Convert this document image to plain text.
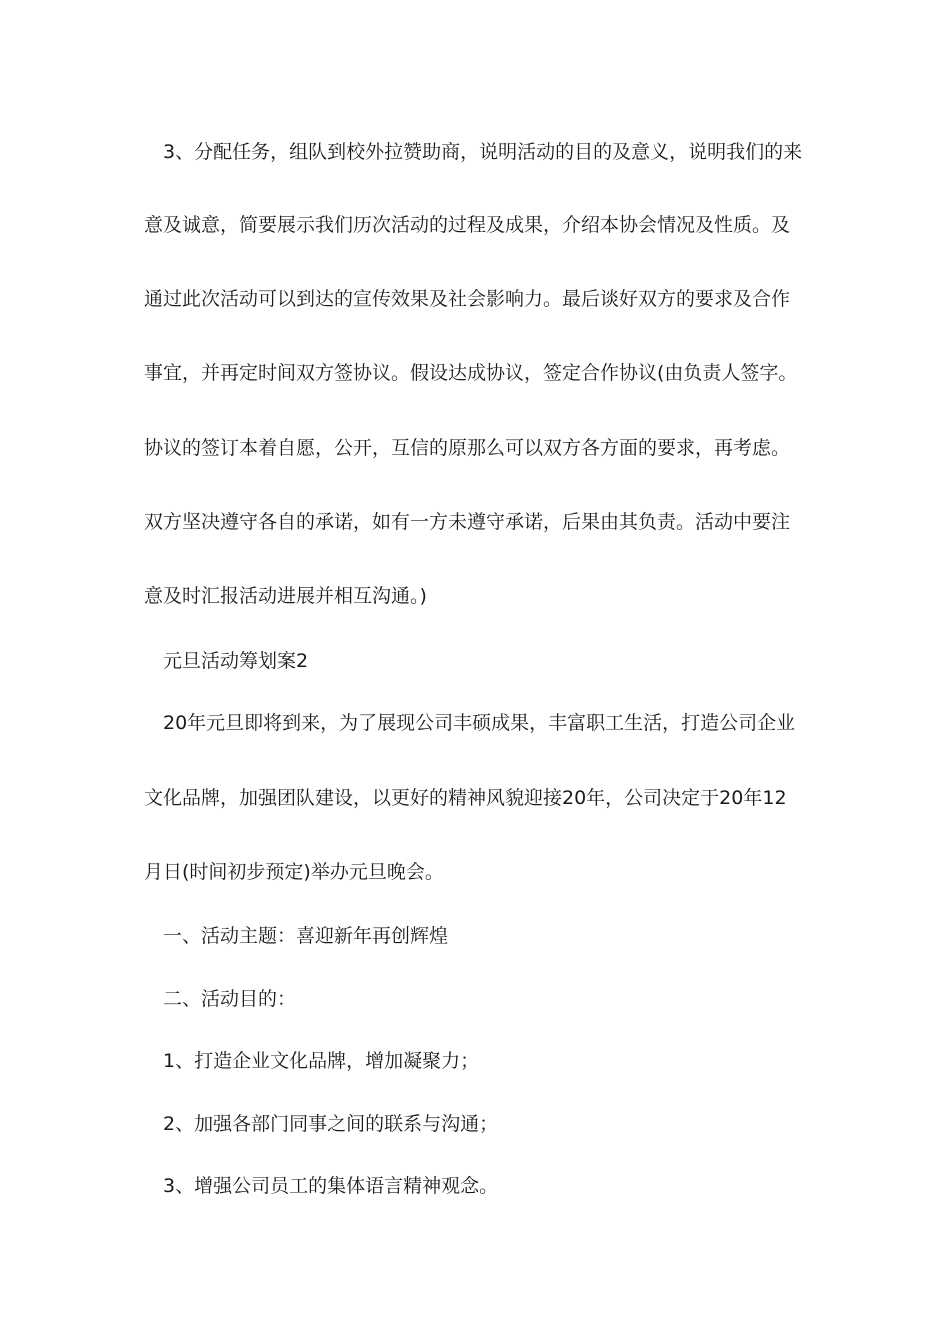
3、分配任务，组队到校外拉赞助商，说明活动的目的及意义，说明我们的来
意及诚意，简要展示我们历次活动的过程及成果，介绍本协会情况及性质。及
通过此次活动可以到达的宣传效果及社会影响力。最后谈好双方的要求及合作
事宜，并再定时间双方签协议。假设达成协议，签定合作协议(由负责人签字。
协议的签订本着自愿，公开，互信的原那么可以双方各方面的要求，再考虑。
双方坚决遵守各自的承诺，如有一方未遵守承诺，后果由其负责。活动中要注
意及时汇报活动进展并相互沟通。)
元旦活动筹划案2
20年元旦即将到来，为了展现公司丰硕成果，丰富职工生活，打造公司企业
文化品牌，加强团队建设，以更好的精神风貌迎接20年，公司决定于20年12
月日(时间初步预定)举办元旦晚会。
一、活动主题：喜迎新年再创辉煌
二、活动目的：
1、打造企业文化品牌，增加凝聚力；
2、加强各部门同事之间的联系与沟通；
3、增强公司员工的集体语言精神观念。
